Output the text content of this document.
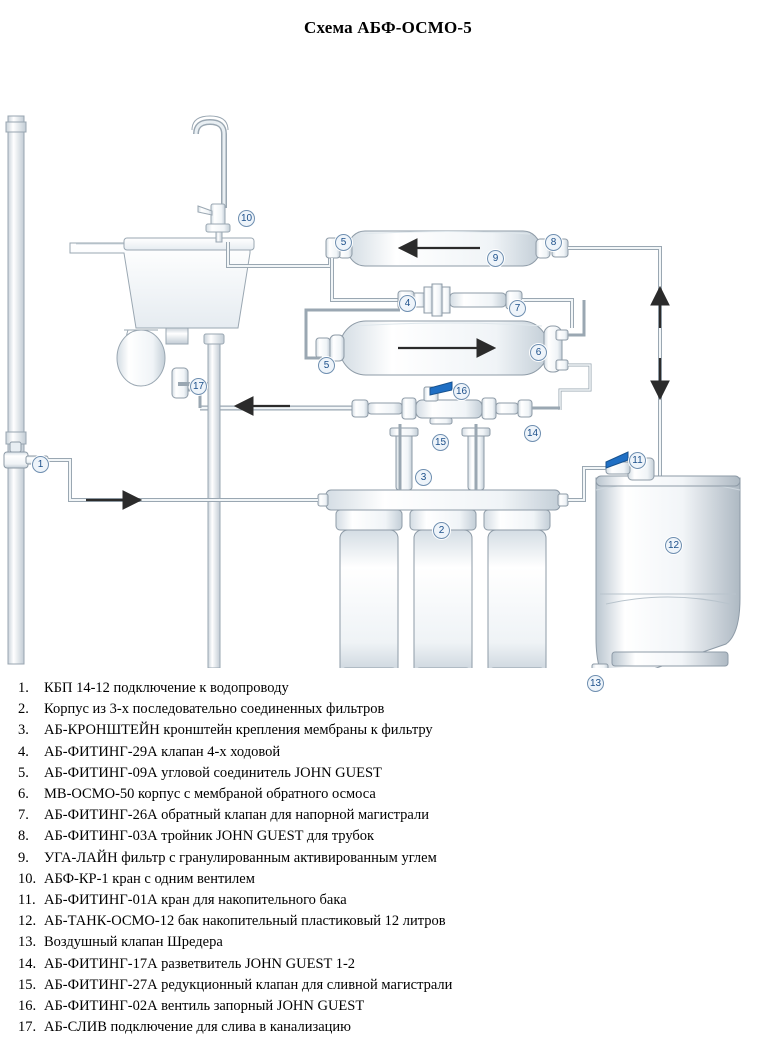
Схема АБФ-ОСМО-5
1
2
3
4
5
5
6
7
8
9
10
11
12
13
14
15
16
17
1.	КБП 14-12 подключение к водопроводу
2.	Корпус из 3-х последовательно соединенных фильтров
3.	АБ-КРОНШТЕЙН кронштейн крепления мембраны к фильтру
4.	АБ-ФИТИНГ-29А клапан 4-х ходовой
5.	АБ-ФИТИНГ-09А угловой соединитель JOHN GUEST
6.	МВ-ОСМО-50 корпус с мембраной обратного осмоса
7.	АБ-ФИТИНГ-26А обратный клапан для напорной магистрали
8.	АБ-ФИТИНГ-03А тройник JOHN GUEST для трубок
9.	УГА-ЛАЙН фильтр с гранулированным активированным углем
10. АБФ-КР-1 кран с одним вентилем
11. АБ-ФИТИНГ-01А кран для накопительного бака
12. АБ-ТАНК-ОСМО-12 бак накопительный пластиковый 12 литров
13. Воздушный клапан Шредера
14. АБ-ФИТИНГ-17А разветвитель JOHN GUEST 1-2
15. АБ-ФИТИНГ-27А редукционный клапан для сливной магистрали
16. АБ-ФИТИНГ-02А вентиль запорный JOHN GUEST
17. АБ-СЛИВ подключение для слива в канализацию
